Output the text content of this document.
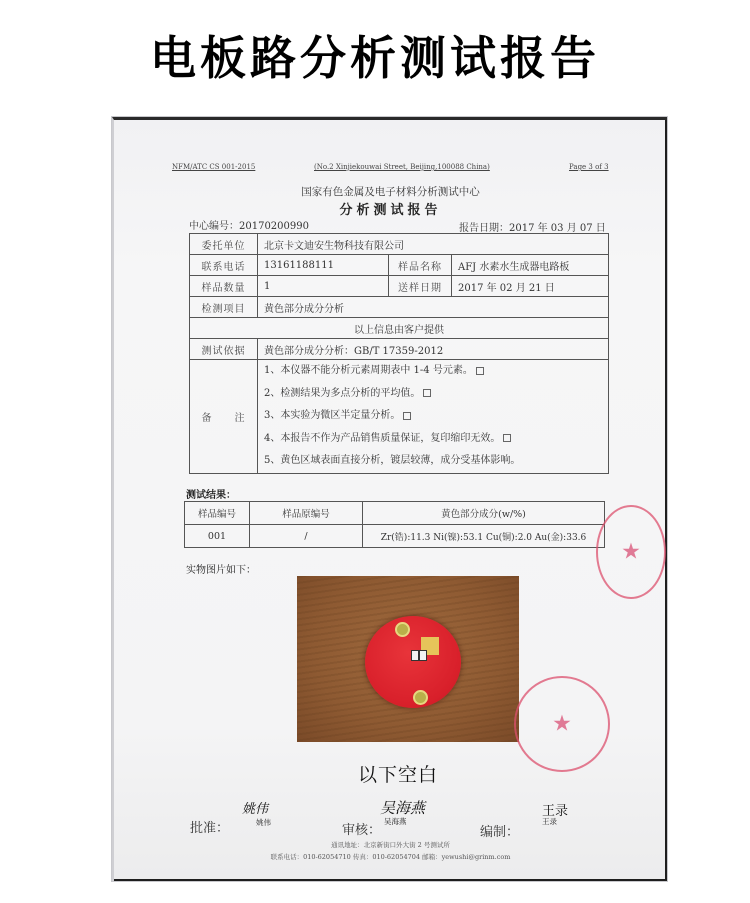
电板路分析测试报告
NFM/ATC CS 001-2015	(No.2 Xinjiekouwai Street, Beijing,100088 China)	Page 3 of 3
国家有色金属及电子材料分析测试中心
分析测试报告
中心编号：20170200990	报告日期：2017 年 03 月 07 日
委托单位	北京卡文迪安生物科技有限公司		
联系电话	13161188111	样品名称	AFJ 水素水生成器电路板
样品数量	1	送样日期	2017 年 02 月 21 日
检测项目	黄色部分成分分析		
以上信息由客户提供			
测试依据	黄色部分成分分析：GB/T 17359-2012		
备　　注	1、本仪器不能分析元素周期表中 1-4 号元素。
2、检测结果为多点分析的平均值。
3、本实验为微区半定量分析。
4、本报告不作为产品销售质量保证，复印缩印无效。
5、黄色区域表面直接分析，镀层较薄，成分受基体影响。		
测试结果：
样品编号	样品原编号	黄色部分成分(w/%)
001	/	Zr(锆):11.3 Ni(镍):53.1 Cu(铜):2.0 Au(金):33.6
实物图片如下：
★
★
以下空白
批准：
姚伟
姚伟
审核：
吴海燕
吴海燕
编制：
王录
王录
通讯地址：北京新街口外大街 2 号测试所
联系电话：010-62054710 传真：010-62054704 邮箱：yewushi@grinm.com
